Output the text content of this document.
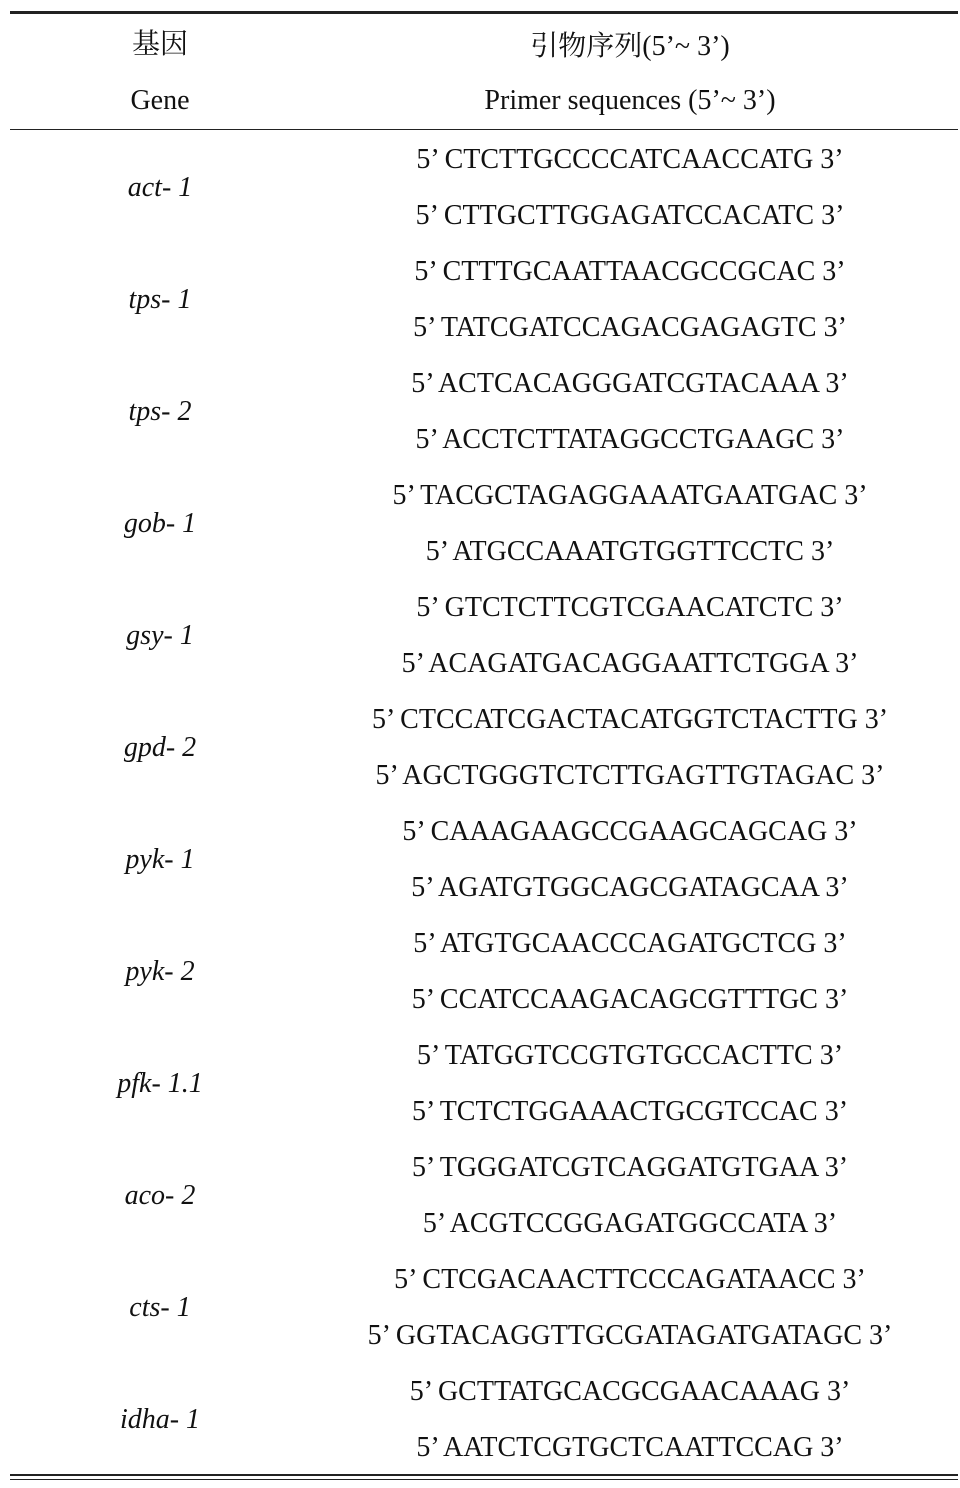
基因
Gene
引物序列(5’~ 3’)
Primer sequences (5’~ 3’)
act- 1
5’ CTCTTGCCCCATCAACCATG 3’
5’ CTTGCTTGGAGATCCACATC 3’
tps- 1
5’ CTTTGCAATTAACGCCGCAC 3’
5’ TATCGATCCAGACGAGAGTC 3’
tps- 2
5’ ACTCACAGGGATCGTACAAA 3’
5’ ACCTCTTATAGGCCTGAAGC 3’
gob- 1
5’ TACGCTAGAGGAAATGAATGAC 3’
5’ ATGCCAAATGTGGTTCCTC 3’
gsy- 1
5’ GTCTCTTCGTCGAACATCTC 3’
5’ ACAGATGACAGGAATTCTGGA 3’
gpd- 2
5’ CTCCATCGACTACATGGTCTACTTG 3’
5’ AGCTGGGTCTCTTGAGTTGTAGAC 3’
pyk- 1
5’ CAAAGAAGCCGAAGCAGCAG 3’
5’ AGATGTGGCAGCGATAGCAA 3’
pyk- 2
5’ ATGTGCAACCCAGATGCTCG 3’
5’ CCATCCAAGACAGCGTTTGC 3’
pfk- 1.1
5’ TATGGTCCGTGTGCCACTTC 3’
5’ TCTCTGGAAACTGCGTCCAC 3’
aco- 2
5’ TGGGATCGTCAGGATGTGAA 3’
5’ ACGTCCGGAGATGGCCATA 3’
cts- 1
5’ CTCGACAACTTCCCAGATAACC 3’
5’ GGTACAGGTTGCGATAGATGATAGC 3’
idha- 1
5’ GCTTATGCACGCGAACAAAG 3’
5’ AATCTCGTGCTCAATTCCAG 3’
